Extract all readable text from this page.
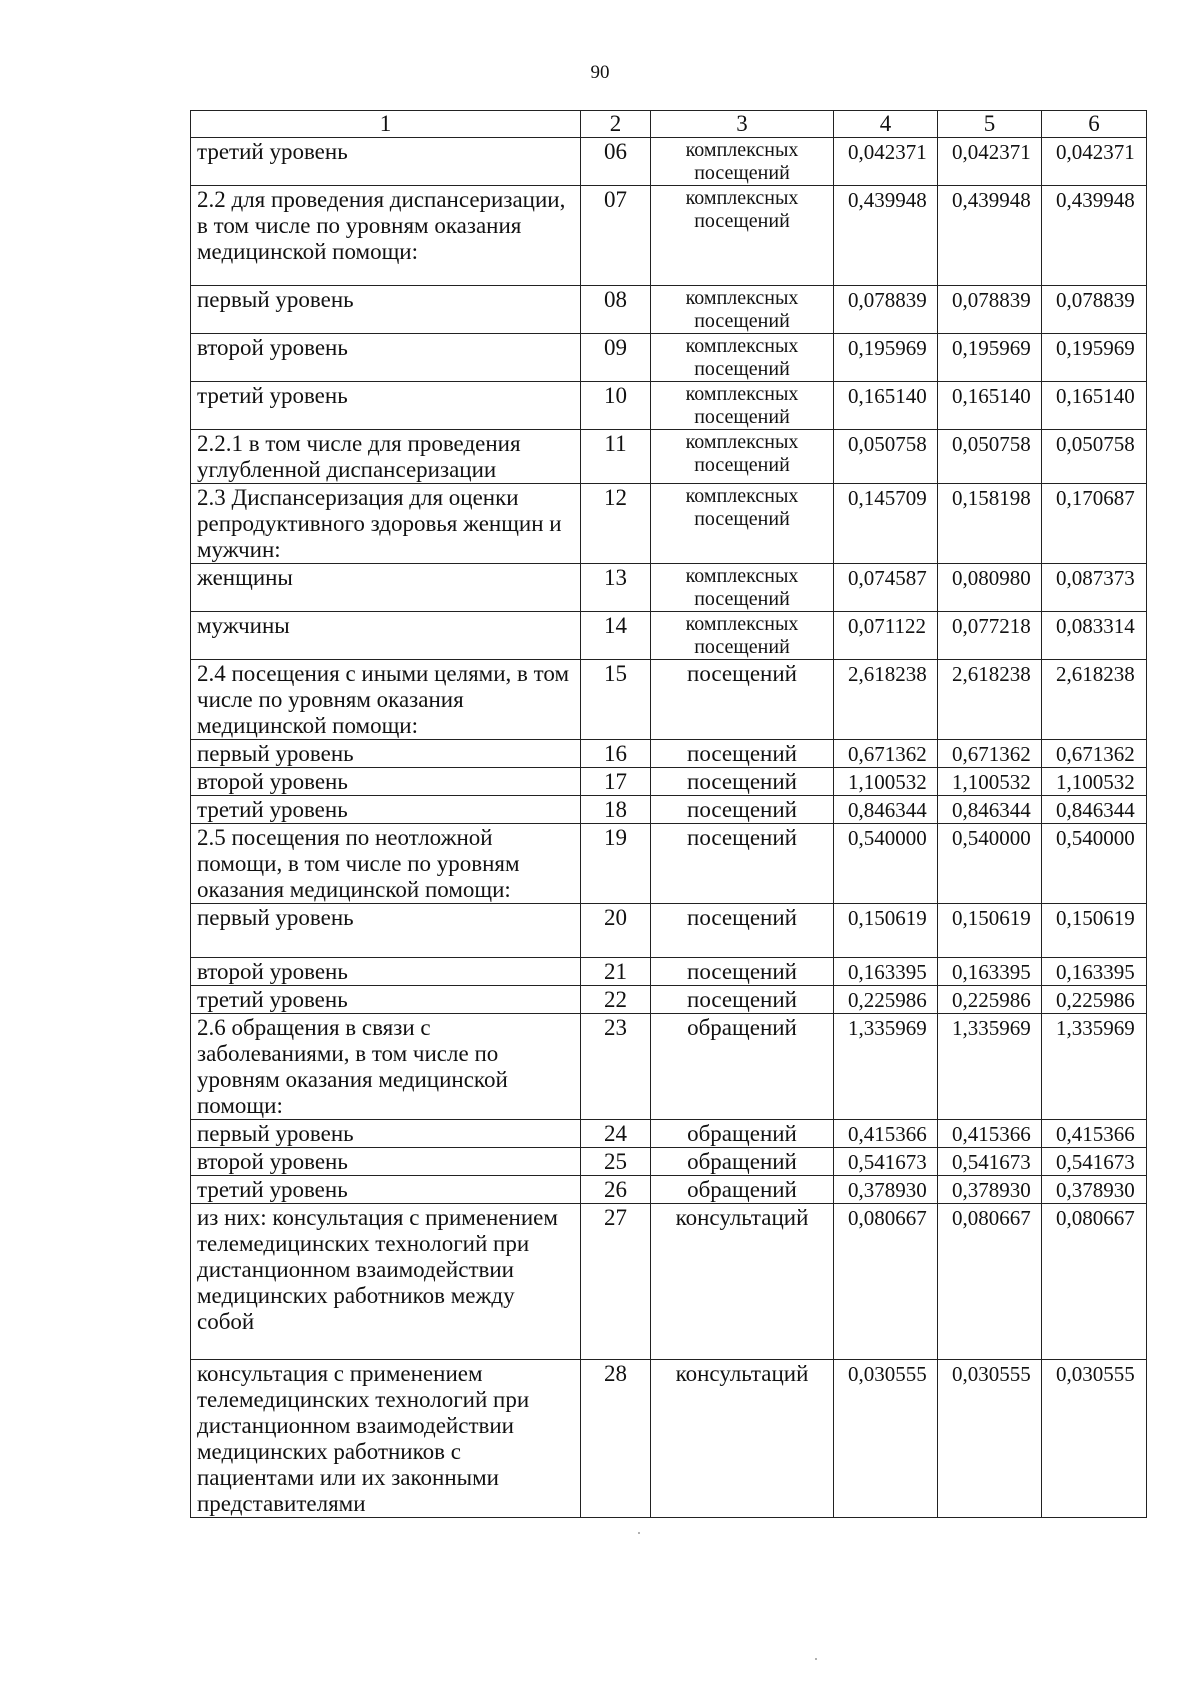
90
1	2	3	4	5	6
третий уровень	06	комплексных посещений	0,042371	0,042371	0,042371
2.2 для проведения диспансеризации, в том числе по уровням оказания медицинской помощи:	07	комплексных посещений	0,439948	0,439948	0,439948
первый уровень	08	комплексных посещений	0,078839	0,078839	0,078839
второй уровень	09	комплексных посещений	0,195969	0,195969	0,195969
третий уровень	10	комплексных посещений	0,165140	0,165140	0,165140
2.2.1 в том числе для проведения углубленной диспансеризации	11	комплексных посещений	0,050758	0,050758	0,050758
2.3 Диспансеризация для оценки репродуктивного здоровья женщин и мужчин:	12	комплексных посещений	0,145709	0,158198	0,170687
женщины	13	комплексных посещений	0,074587	0,080980	0,087373
мужчины	14	комплексных посещений	0,071122	0,077218	0,083314
2.4 посещения с иными целями, в том числе по уровням оказания медицинской помощи:	15	посещений	2,618238	2,618238	2,618238
первый уровень	16	посещений	0,671362	0,671362	0,671362
второй уровень	17	посещений	1,100532	1,100532	1,100532
третий уровень	18	посещений	0,846344	0,846344	0,846344
2.5 посещения по неотложной помощи, в том числе по уровням оказания медицинской помощи:	19	посещений	0,540000	0,540000	0,540000
первый уровень	20	посещений	0,150619	0,150619	0,150619
второй уровень	21	посещений	0,163395	0,163395	0,163395
третий уровень	22	посещений	0,225986	0,225986	0,225986
2.6 обращения в связи с заболеваниями, в том числе по уровням оказания медицинской помощи:	23	обращений	1,335969	1,335969	1,335969
первый уровень	24	обращений	0,415366	0,415366	0,415366
второй уровень	25	обращений	0,541673	0,541673	0,541673
третий уровень	26	обращений	0,378930	0,378930	0,378930
из них: консультация с применением телемедицинских технологий при дистанционном взаимодействии медицинских работников между собой	27	консультаций	0,080667	0,080667	0,080667
консультация с применением телемедицинских технологий при дистанционном взаимодействии медицинских работников с пациентами или их законными представителями	28	консультаций	0,030555	0,030555	0,030555
